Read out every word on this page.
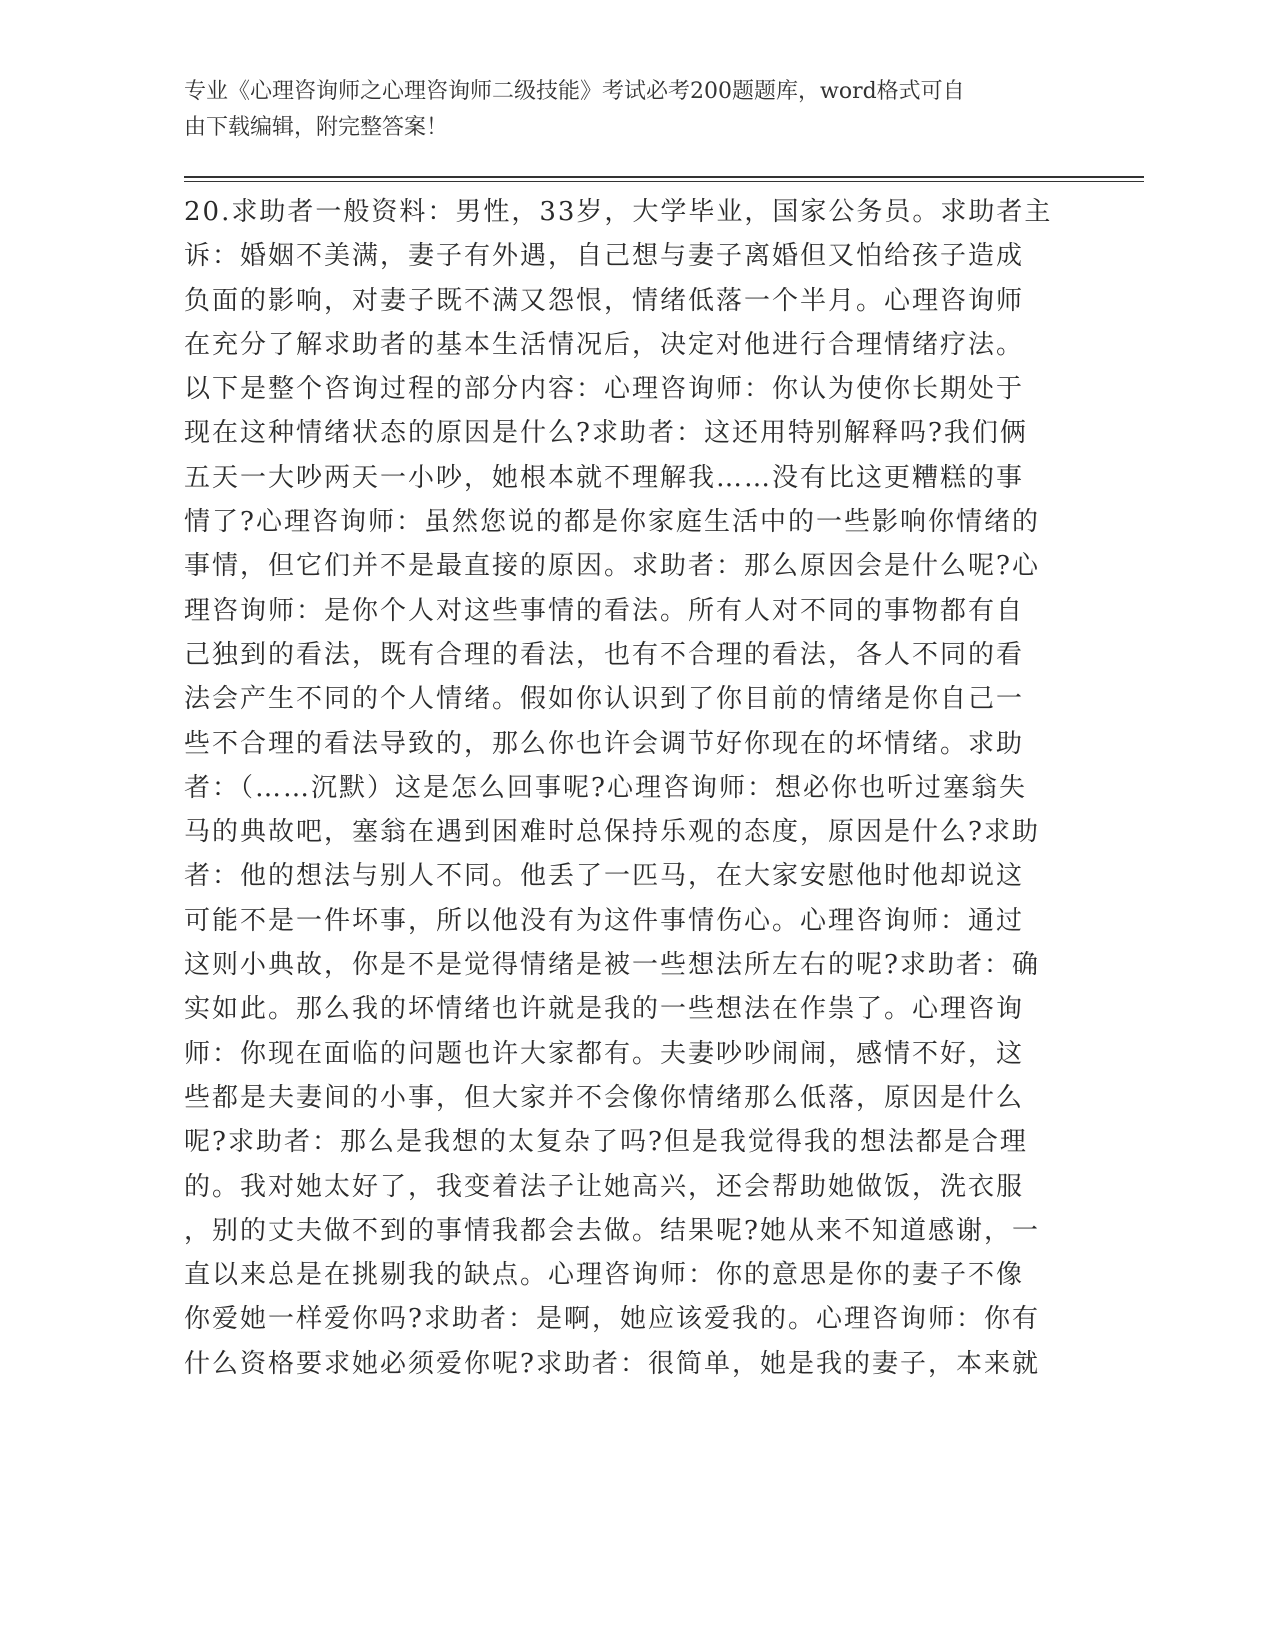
专业《心理咨询师之心理咨询师二级技能》考试必考200题题库，word格式可自
由下载编辑，附完整答案！
20.求助者一般资料：男性，33岁，大学毕业，国家公务员。求助者主
诉：婚姻不美满，妻子有外遇，自己想与妻子离婚但又怕给孩子造成
负面的影响，对妻子既不满又怨恨，情绪低落一个半月。心理咨询师
在充分了解求助者的基本生活情况后，决定对他进行合理情绪疗法。
以下是整个咨询过程的部分内容：心理咨询师：你认为使你长期处于
现在这种情绪状态的原因是什么?求助者：这还用特别解释吗?我们俩
五天一大吵两天一小吵，她根本就不理解我……没有比这更糟糕的事
情了?心理咨询师：虽然您说的都是你家庭生活中的一些影响你情绪的
事情，但它们并不是最直接的原因。求助者：那么原因会是什么呢?心
理咨询师：是你个人对这些事情的看法。所有人对不同的事物都有自
己独到的看法，既有合理的看法，也有不合理的看法，各人不同的看
法会产生不同的个人情绪。假如你认识到了你目前的情绪是你自己一
些不合理的看法导致的，那么你也许会调节好你现在的坏情绪。求助
者：（……沉默）这是怎么回事呢?心理咨询师：想必你也听过塞翁失
马的典故吧，塞翁在遇到困难时总保持乐观的态度，原因是什么?求助
者：他的想法与别人不同。他丢了一匹马，在大家安慰他时他却说这
可能不是一件坏事，所以他没有为这件事情伤心。心理咨询师：通过
这则小典故，你是不是觉得情绪是被一些想法所左右的呢?求助者：确
实如此。那么我的坏情绪也许就是我的一些想法在作祟了。心理咨询
师：你现在面临的问题也许大家都有。夫妻吵吵闹闹，感情不好，这
些都是夫妻间的小事，但大家并不会像你情绪那么低落，原因是什么
呢?求助者：那么是我想的太复杂了吗?但是我觉得我的想法都是合理
的。我对她太好了，我变着法子让她高兴，还会帮助她做饭，洗衣服
，别的丈夫做不到的事情我都会去做。结果呢?她从来不知道感谢，一
直以来总是在挑剔我的缺点。心理咨询师：你的意思是你的妻子不像
你爱她一样爱你吗?求助者：是啊，她应该爱我的。心理咨询师：你有
什么资格要求她必须爱你呢?求助者：很简单，她是我的妻子，本来就
